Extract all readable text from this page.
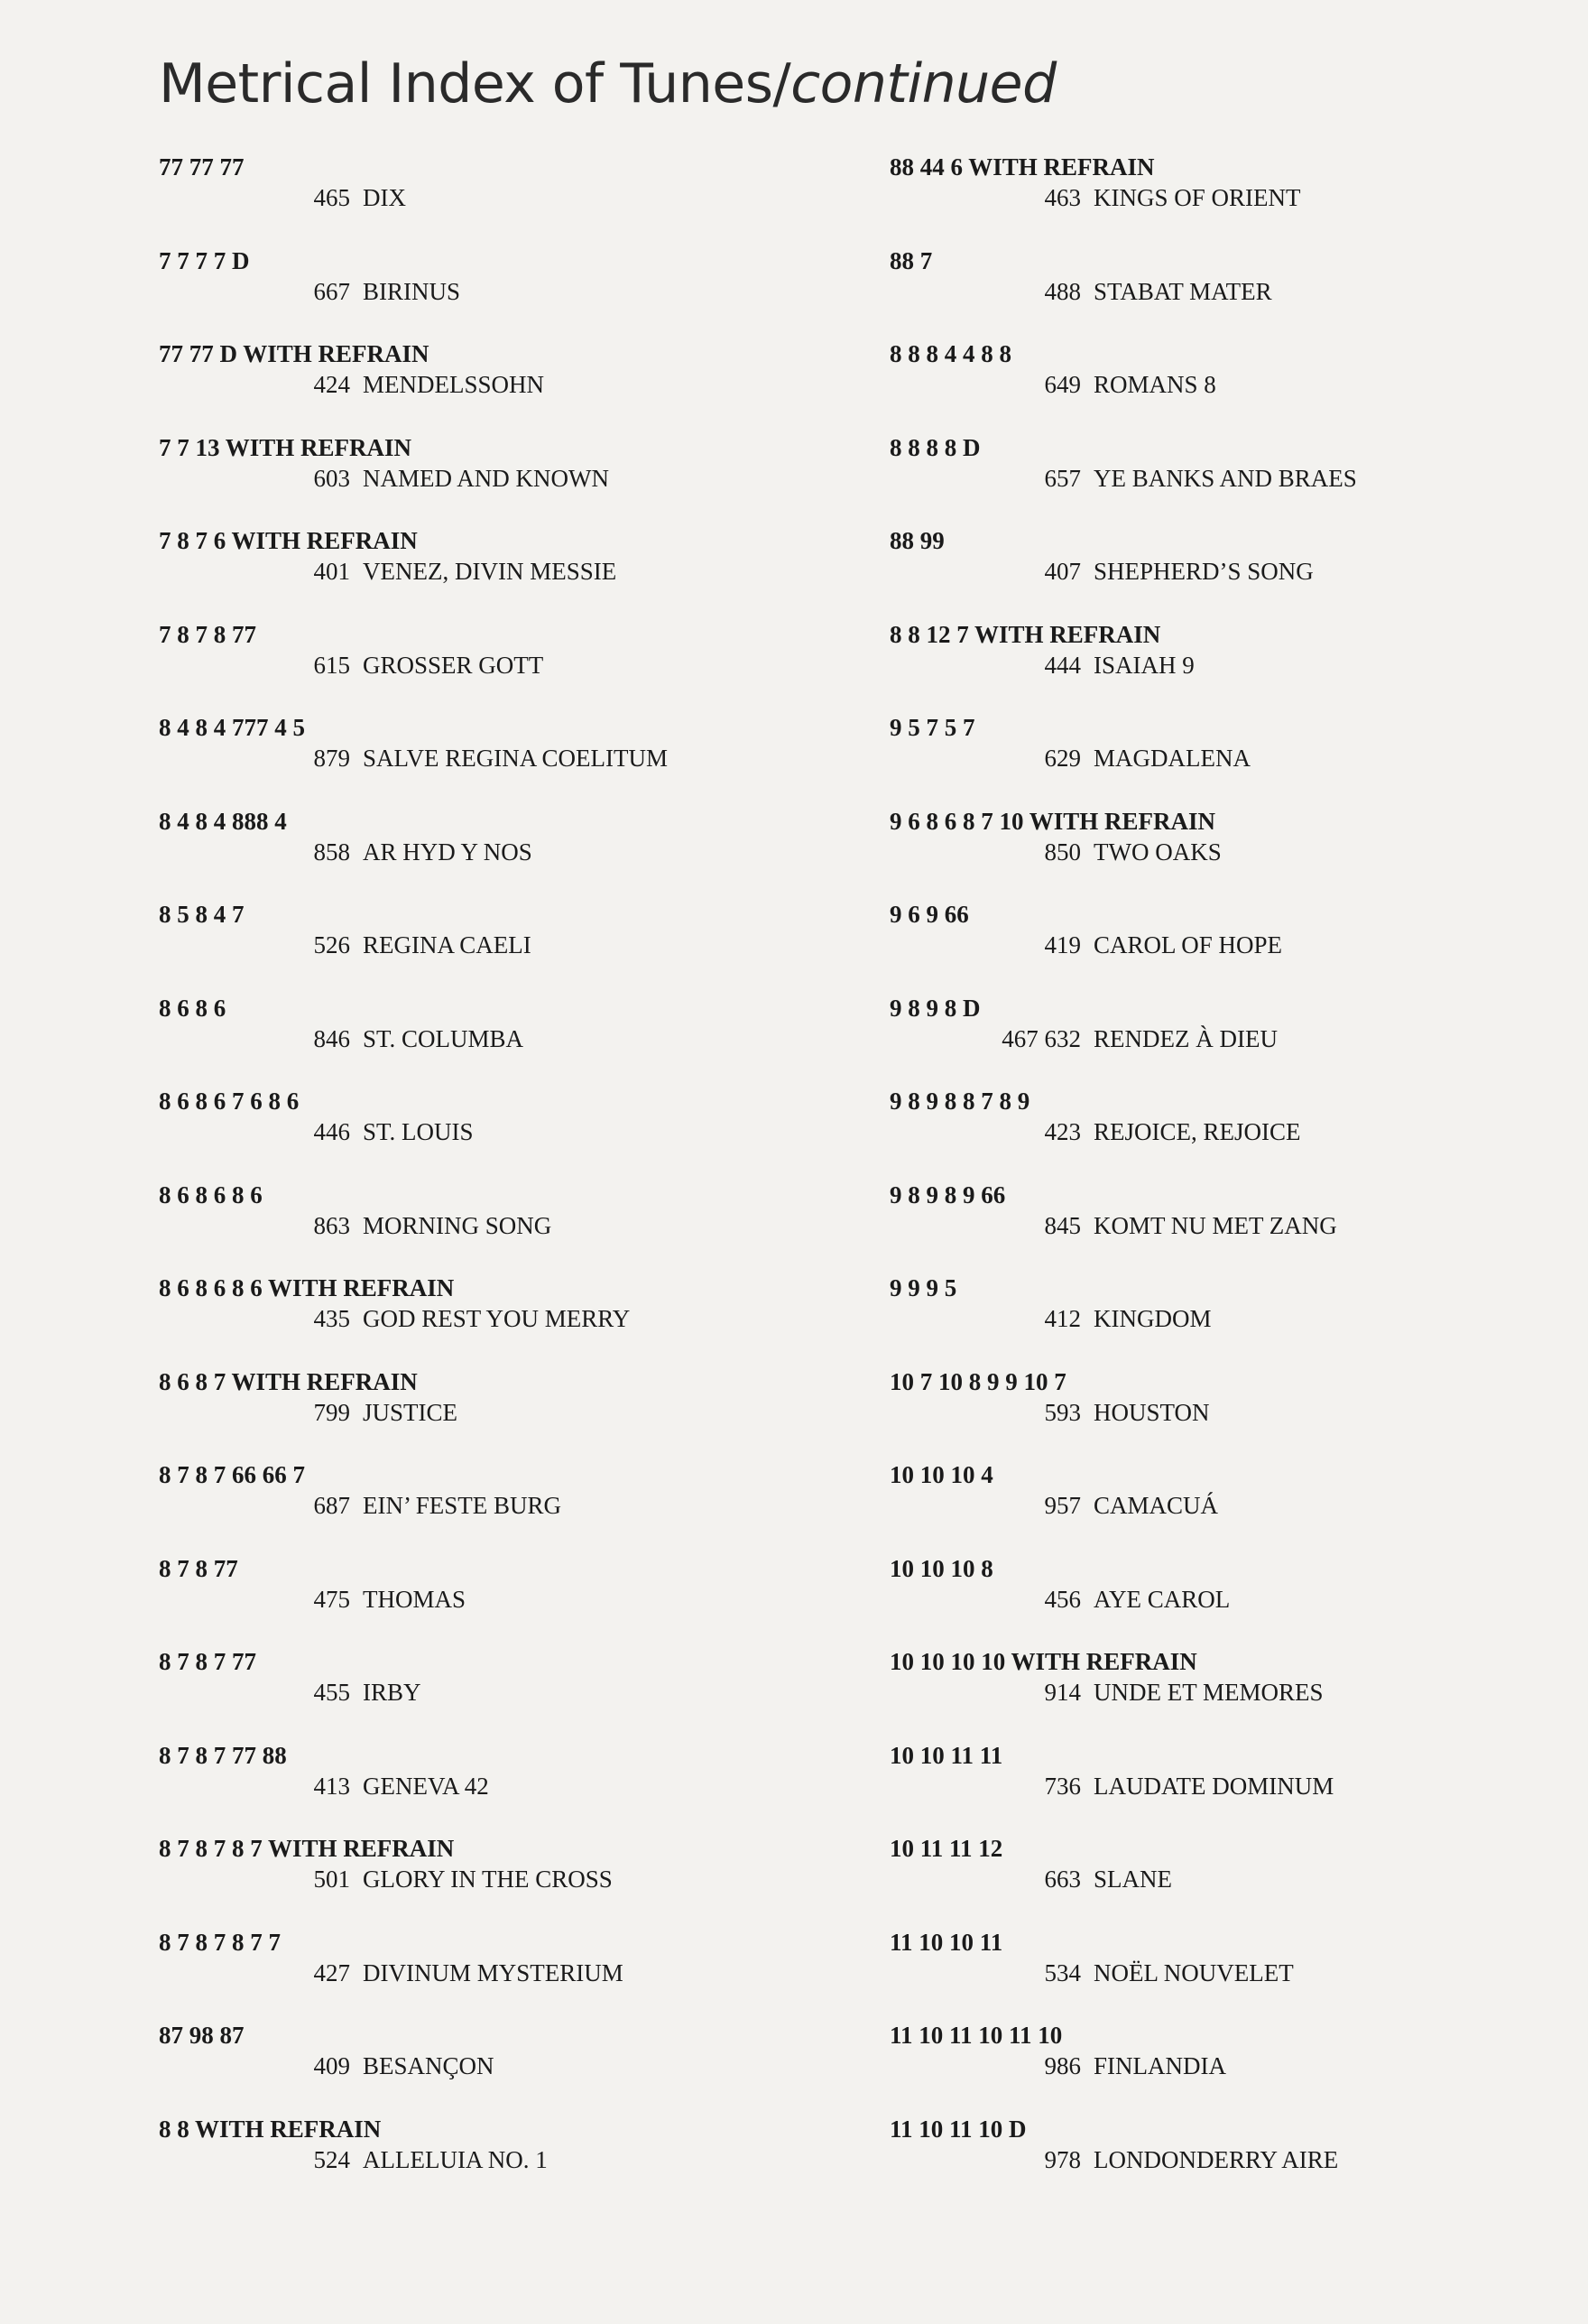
Metrical Index of Tunes/continued
77 77 77
465 DIX
7 7 7 7 D
667 BIRINUS
77 77 D WITH REFRAIN
424 MENDELSSOHN
7 7 13 WITH REFRAIN
603 NAMED AND KNOWN
7 8 7 6 WITH REFRAIN
401 VENEZ, DIVIN MESSIE
7 8 7 8 77
615 GROSSER GOTT
8 4 8 4 777 4 5
879 SALVE REGINA COELITUM
8 4 8 4 888 4
858 AR HYD Y NOS
8 5 8 4 7
526 REGINA CAELI
8 6 8 6
846 ST. COLUMBA
8 6 8 6 7 6 8 6
446 ST. LOUIS
8 6 8 6 8 6
863 MORNING SONG
8 6 8 6 8 6 WITH REFRAIN
435 GOD REST YOU MERRY
8 6 8 7 WITH REFRAIN
799 JUSTICE
8 7 8 7 66 66 7
687 EIN’ FESTE BURG
8 7 8 77
475 THOMAS
8 7 8 7 77
455 IRBY
8 7 8 7 77 88
413 GENEVA 42
8 7 8 7 8 7 WITH REFRAIN
501 GLORY IN THE CROSS
8 7 8 7 8 7 7
427 DIVINUM MYSTERIUM
87 98 87
409 BESANÇON
8 8 WITH REFRAIN
524 ALLELUIA NO. 1
88 44 6 WITH REFRAIN
463 KINGS OF ORIENT
88 7
488 STABAT MATER
8 8 8 4 4 8 8
649 ROMANS 8
8 8 8 8 D
657 YE BANKS AND BRAES
88 99
407 SHEPHERD’S SONG
8 8 12 7 WITH REFRAIN
444 ISAIAH 9
9 5 7 5 7
629 MAGDALENA
9 6 8 6 8 7 10 WITH REFRAIN
850 TWO OAKS
9 6 9 66
419 CAROL OF HOPE
9 8 9 8 D
467 632 RENDEZ À DIEU
9 8 9 8 8 7 8 9
423 REJOICE, REJOICE
9 8 9 8 9 66
845 KOMT NU MET ZANG
9 9 9 5
412 KINGDOM
10 7 10 8 9 9 10 7
593 HOUSTON
10 10 10 4
957 CAMACUÁ
10 10 10 8
456 AYE CAROL
10 10 10 10 WITH REFRAIN
914 UNDE ET MEMORES
10 10 11 11
736 LAUDATE DOMINUM
10 11 11 12
663 SLANE
11 10 10 11
534 NOËL NOUVELET
11 10 11 10 11 10
986 FINLANDIA
11 10 11 10 D
978 LONDONDERRY AIRE
